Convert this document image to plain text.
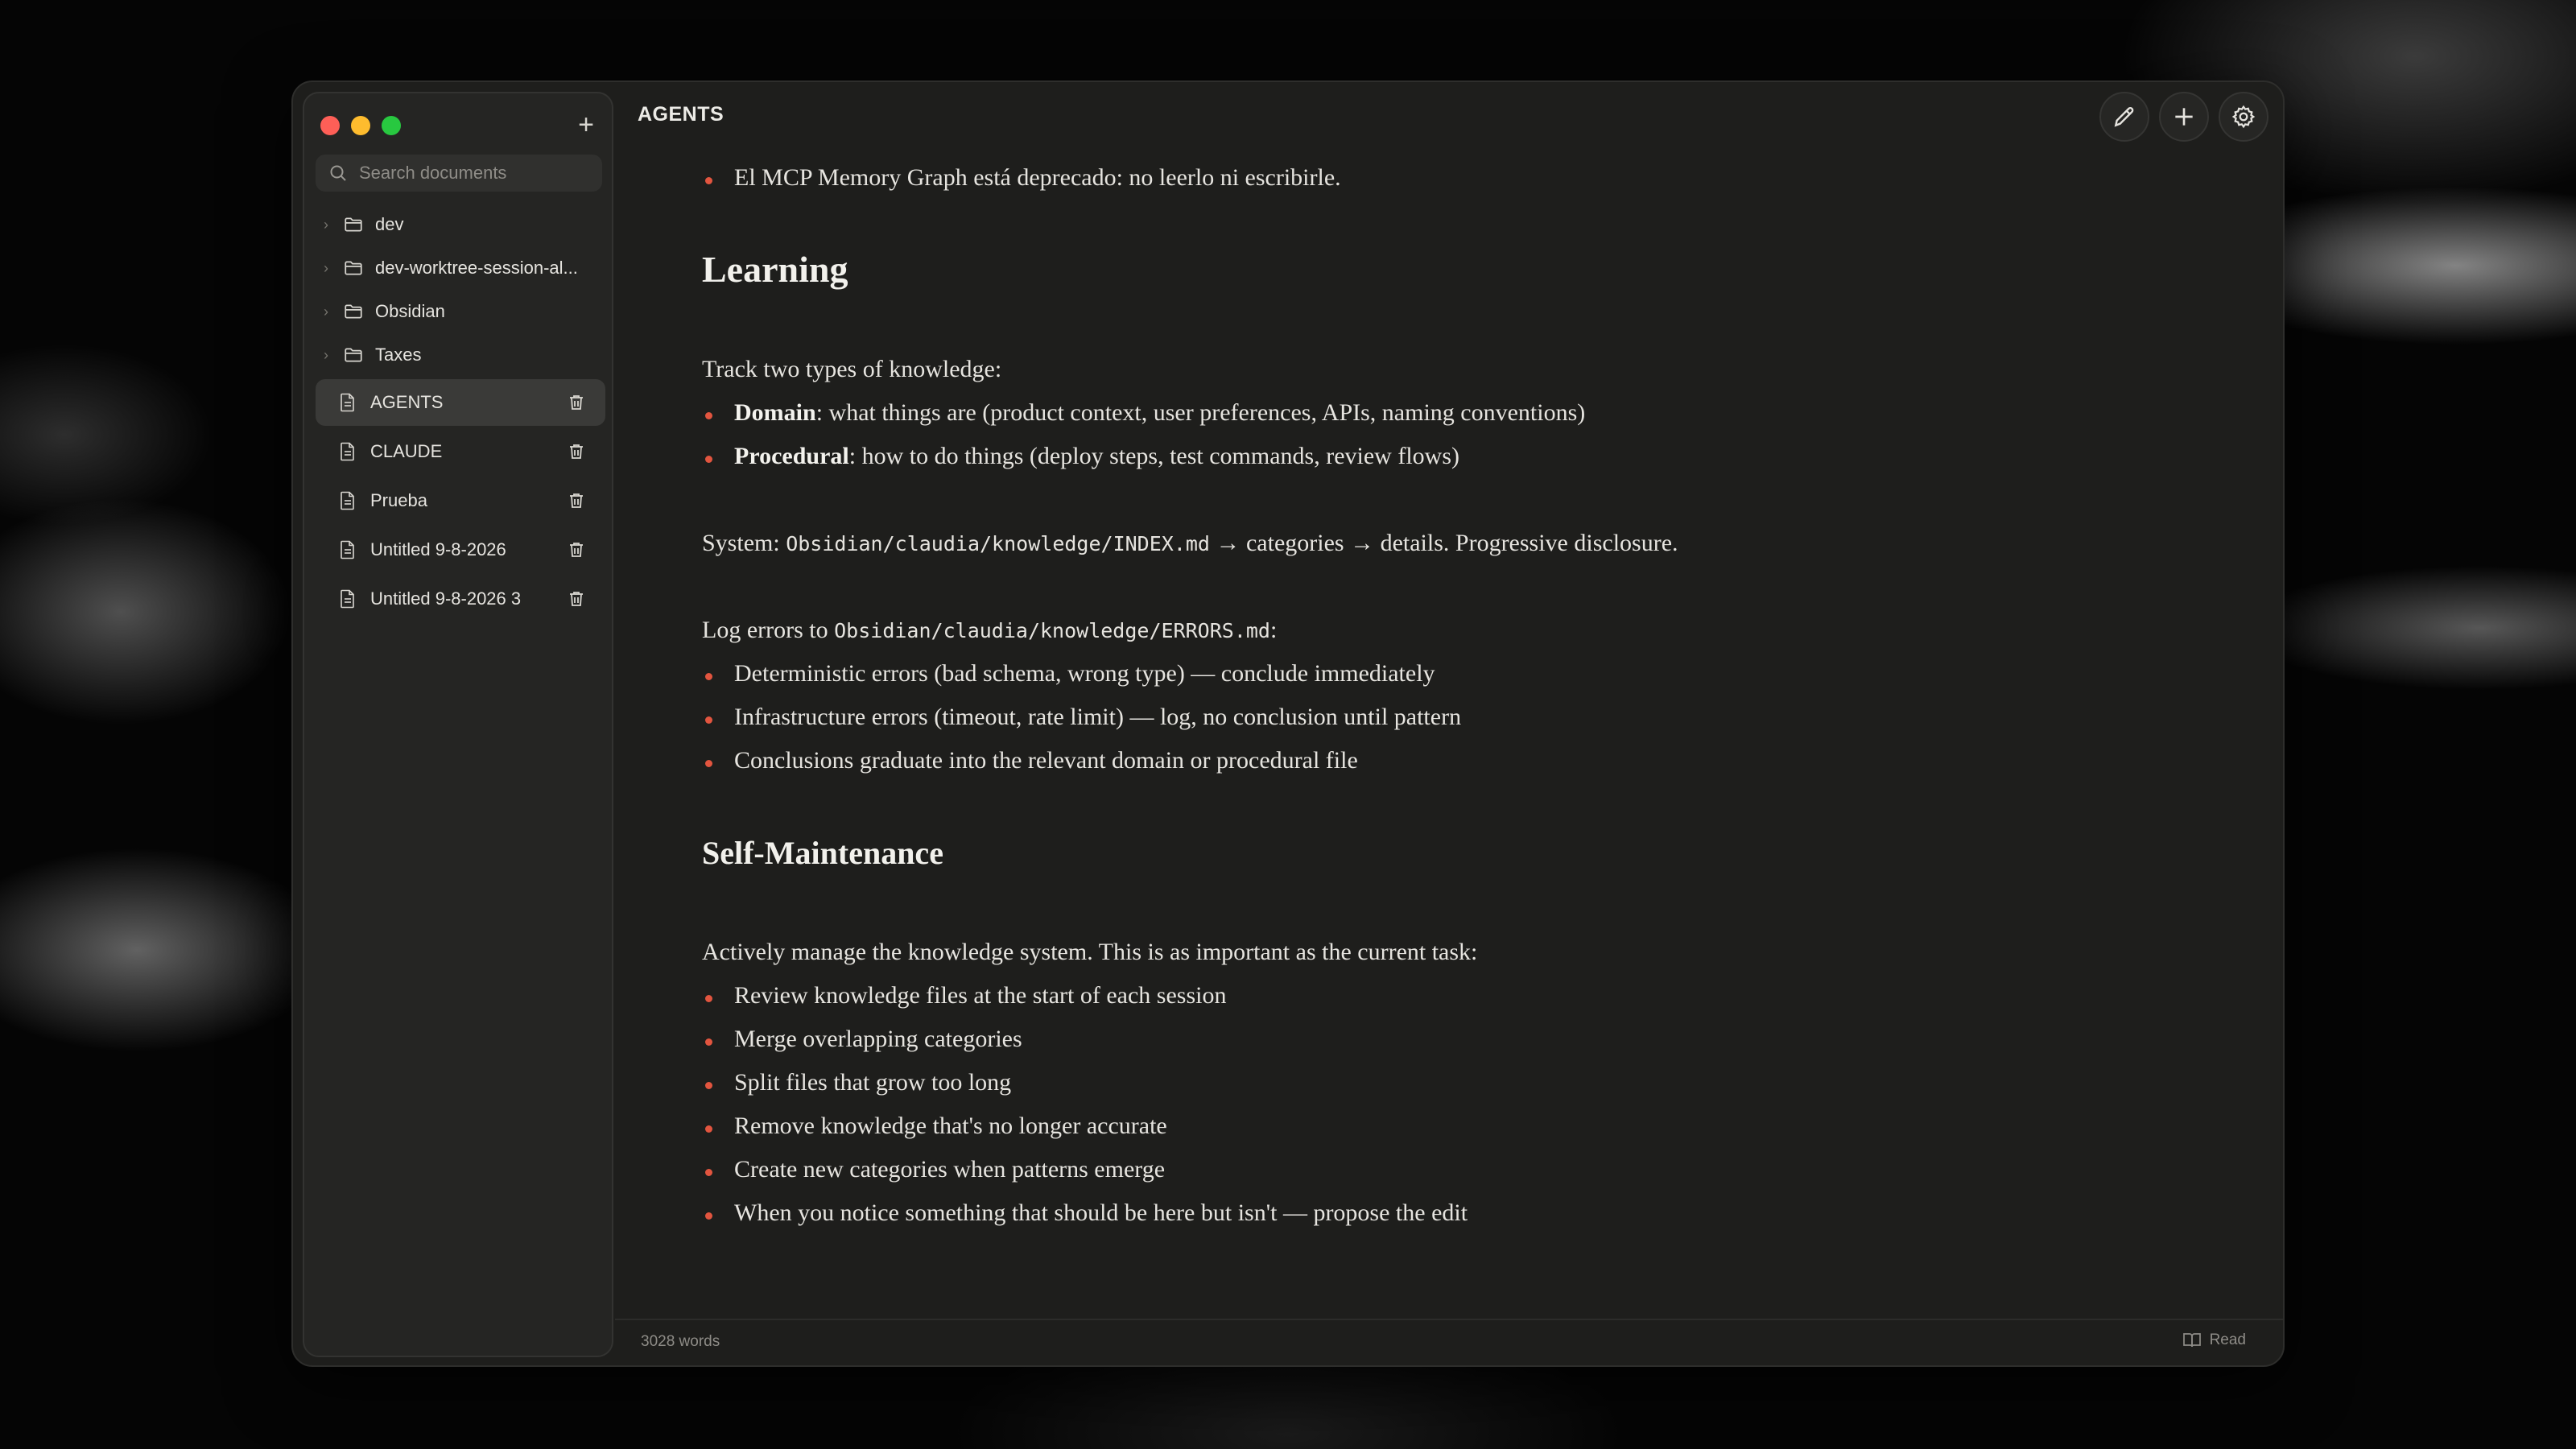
+
Search documents
›	dev
›	dev-worktree-session-al...
›	Obsidian
›	Taxes
AGENTS
CLAUDE
Prueba
Untitled 9-8-2026
Untitled 9-8-2026 3
AGENTS
El MCP Memory Graph está deprecado: no leerlo ni escribirle.
Learning
Track two types of knowledge:
Domain: what things are (product context, user preferences, APIs, naming conventions)
Procedural: how to do things (deploy steps, test commands, review flows)
System: Obsidian/claudia/knowledge/INDEX.md → categories → details. Progressive disclosure.
Log errors to Obsidian/claudia/knowledge/ERRORS.md:
Deterministic errors (bad schema, wrong type) — conclude immediately
Infrastructure errors (timeout, rate limit) — log, no conclusion until pattern
Conclusions graduate into the relevant domain or procedural file
Self-Maintenance
Actively manage the knowledge system. This is as important as the current task:
Review knowledge files at the start of each session
Merge overlapping categories
Split files that grow too long
Remove knowledge that's no longer accurate
Create new categories when patterns emerge
When you notice something that should be here but isn't — propose the edit
3028 words	Read
